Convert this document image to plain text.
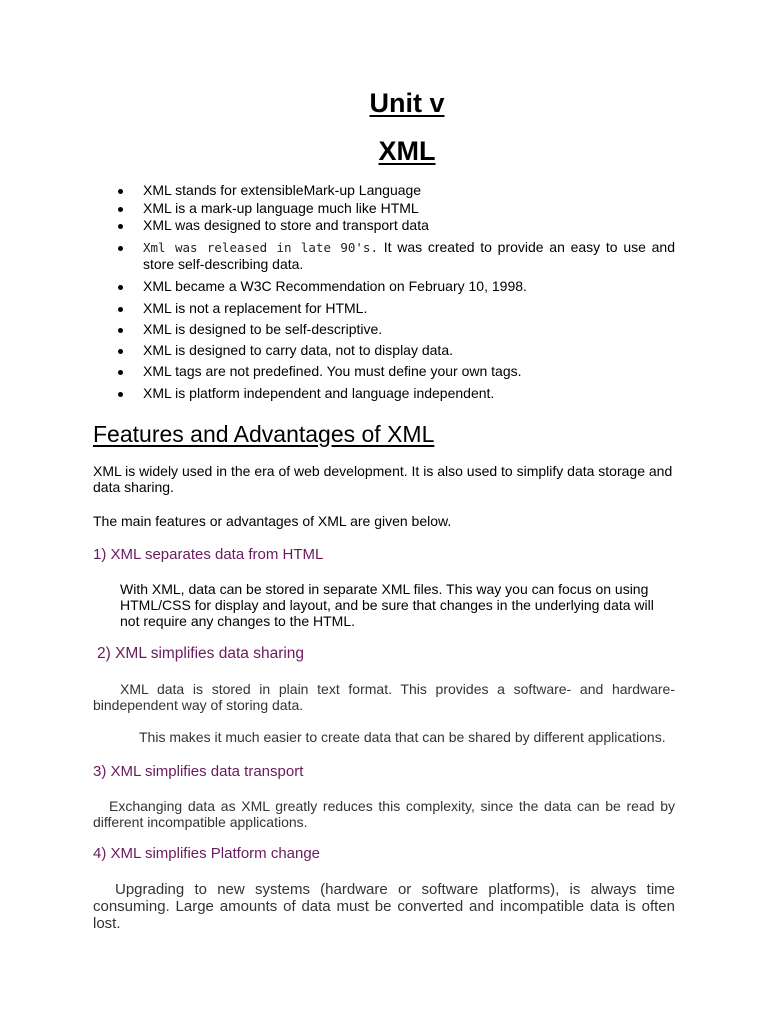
Unit v
XML
XML stands for extensibleMark-up Language
XML is a mark-up language much like HTML
XML was designed to store and transport data
Xml was released in late 90's. It was created to provide an easy to use and store self-describing data.
XML became a W3C Recommendation on February 10, 1998.
XML is not a replacement for HTML.
XML is designed to be self-descriptive.
XML is designed to carry data, not to display data.
XML tags are not predefined. You must define your own tags.
XML is platform independent and language independent.
Features and Advantages of XML
XML is widely used in the era of web development. It is also used to simplify data storage and data sharing.
The main features or advantages of XML are given below.
1) XML separates data from HTML
With XML, data can be stored in separate XML files. This way you can focus on using HTML/CSS for display and layout, and be sure that changes in the underlying data will not require any changes to the HTML.
2) XML simplifies data sharing
XML data is stored in plain text format. This provides a software- and hardware-bindependent way of storing data.
This makes it much easier to create data that can be shared by different applications.
3) XML simplifies data transport
Exchanging data as XML greatly reduces this complexity, since the data can be read by different incompatible applications.
4) XML simplifies Platform change
Upgrading to new systems (hardware or software platforms), is always time consuming. Large amounts of data must be converted and incompatible data is often lost.
